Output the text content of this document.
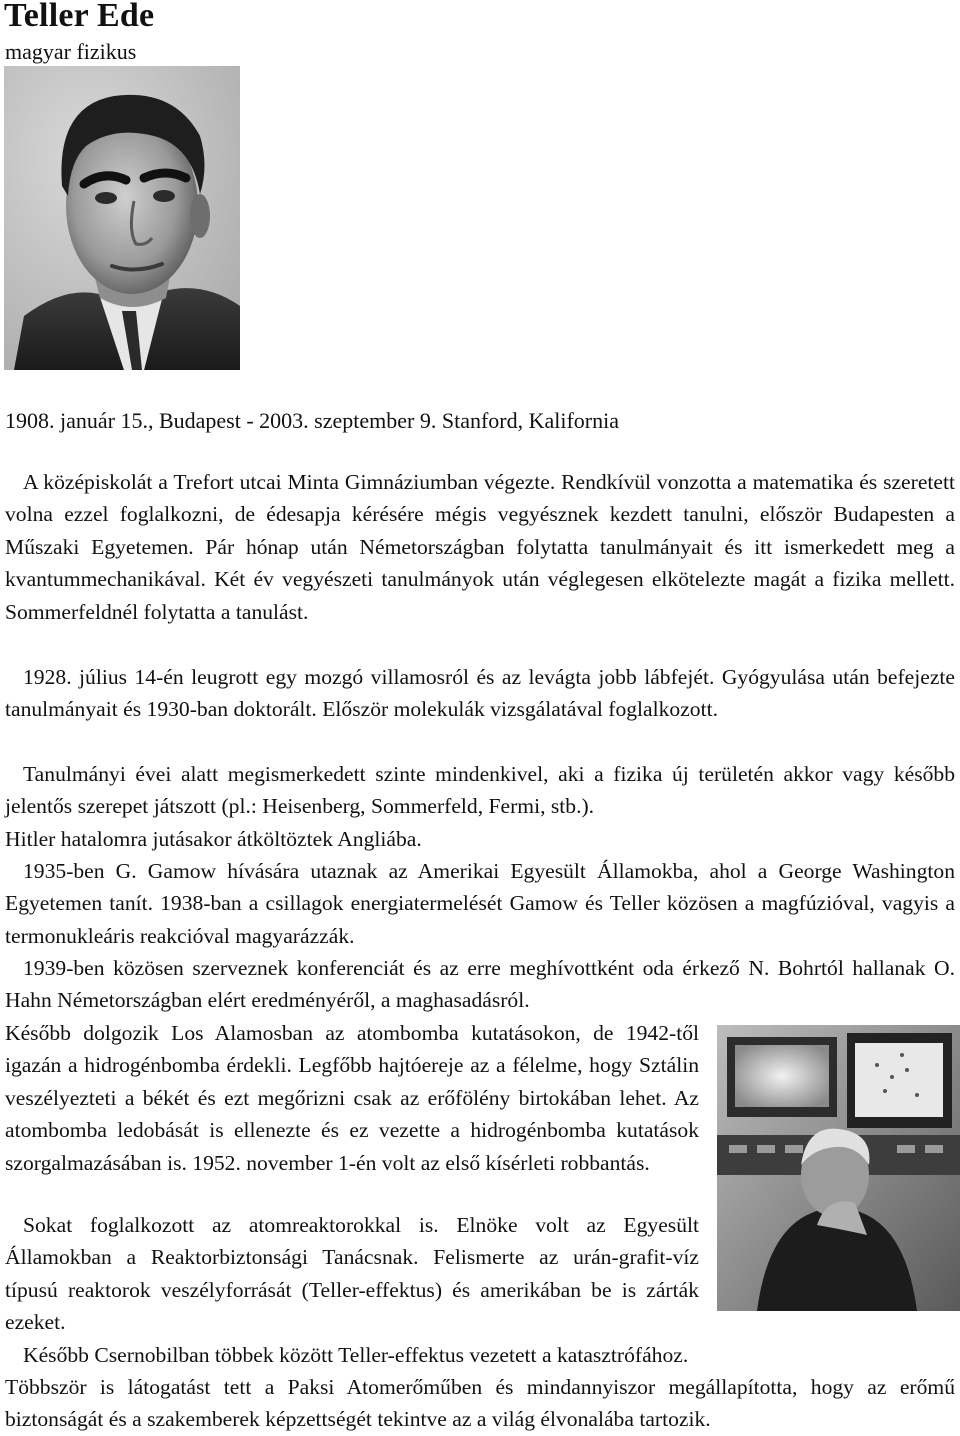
Teller Ede
magyar fizikus
1908. január 15., Budapest - 2003. szeptember 9. Stanford, Kalifornia

A középiskolát a Trefort utcai Minta Gimnáziumban végezte. Rendkívül vonzotta a matematika és szeretett volna ezzel foglalkozni, de édesapja kérésére mégis vegyésznek kezdett tanulni, először Budapesten a Műszaki Egyetemen. Pár hónap után Németországban folytatta tanulmányait és itt ismerkedett meg a kvantummechanikával. Két év vegyészeti tanulmányok után véglegesen elkötelezte magát a fizika mellett. Sommerfeldnél folytatta a tanulást.

1928. július 14-én leugrott egy mozgó villamosról és az levágta jobb lábfejét. Gyógyulása után befejezte tanulmányait és 1930-ban doktorált. Először molekulák vizsgálatával foglalkozott.

Tanulmányi évei alatt megismerkedett szinte mindenkivel, aki a fizika új területén akkor vagy később jelentős szerepet játszott (pl.: Heisenberg, Sommerfeld, Fermi, stb.).

Hitler hatalomra jutásakor átköltöztek Angliába.

1935-ben G. Gamow hívására utaznak az Amerikai Egyesült Államokba, ahol a George Washington Egyetemen tanít. 1938-ban a csillagok energiatermelését Gamow és Teller közösen a magfúzióval, vagyis a termonukleáris reakcióval magyarázzák.

1939-ben közösen szerveznek konferenciát és az erre meghívottként oda érkező N. Bohrtól hallanak O. Hahn Németországban elért eredményéről, a maghasadásról.

Később dolgozik Los Alamosban az atombomba kutatásokon, de 1942-től igazán a hidrogénbomba érdekli. Legfőbb hajtóereje az a félelme, hogy Sztálin veszélyezteti a békét és ezt megőrizni csak az erőfölény birtokában lehet. Az atombomba ledobását is ellenezte és ez vezette a hidrogénbomba kutatások szorgalmazásában is. 1952. november 1-én volt az első kísérleti robbantás.

Sokat foglalkozott az atomreaktorokkal is. Elnöke volt az Egyesült Államokban a Reaktorbiztonsági Tanácsnak. Felismerte az urán-grafit-víz típusú reaktorok veszélyforrását (Teller-effektus) és amerikában be is zárták ezeket.

Később Csernobilban többek között Teller-effektus vezetett a katasztrófához.

Többször is látogatást tett a Paksi Atomerőműben és mindannyiszor megállapította, hogy az erőmű biztonságát és a szakemberek képzettségét tekintve az a világ élvonalába tartozik.
